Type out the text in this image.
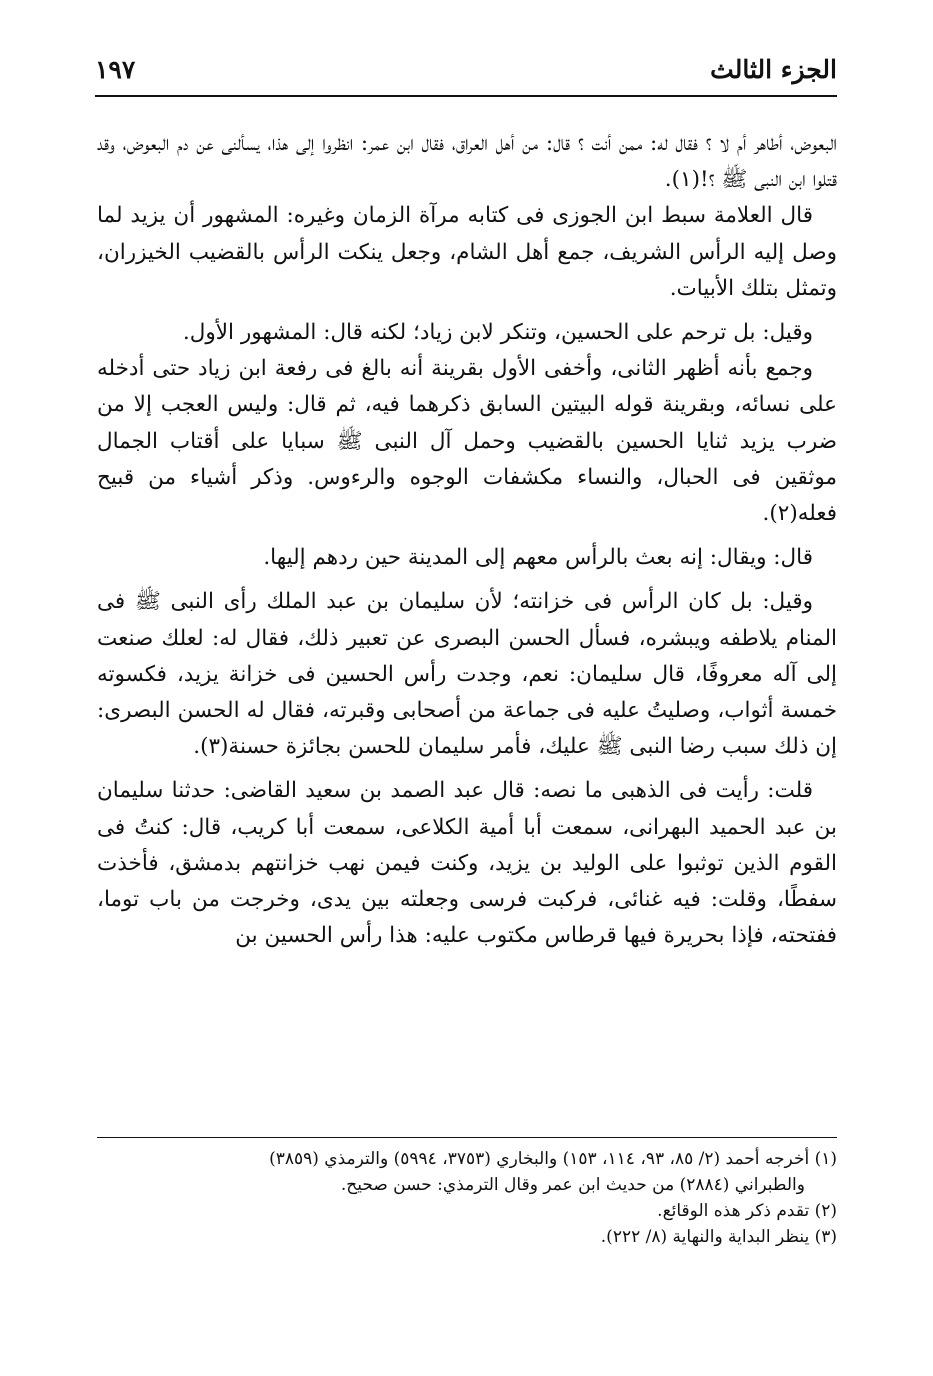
الجزء الثالث
١٩٧

البعوض، أطاهر أم لا ؟ فقال له: ممن أنت ؟ قال: من أهل العراق، فقال ابن عمر: انظروا إلى هذا، يسألنى عن دم البعوض، وقد قتلوا ابن النبى ﷺ ؟!(١).

قال العلامة سبط ابن الجوزى فى كتابه مرآة الزمان وغيره: المشهور أن يزيد لما وصل إليه الرأس الشريف، جمع أهل الشام، وجعل ينكت الرأس بالقضيب الخيزران، وتمثل بتلك الأبيات.

وقيل: بل ترحم على الحسين، وتنكر لابن زياد؛ لكنه قال: المشهور الأول.

وجمع بأنه أظهر الثانى، وأخفى الأول بقرينة أنه بالغ فى رفعة ابن زياد حتى أدخله على نسائه، وبقرينة قوله البيتين السابق ذكرهما فيه، ثم قال: وليس العجب إلا من ضرب يزيد ثنايا الحسين بالقضيب وحمل آل النبى ﷺ سبايا على أقتاب الجمال موثقين فى الحبال، والنساء مكشفات الوجوه والرءوس. وذكر أشياء من قبيح فعله(٢).

قال: ويقال: إنه بعث بالرأس معهم إلى المدينة حين ردهم إليها.

وقيل: بل كان الرأس فى خزانته؛ لأن سليمان بن عبد الملك رأى النبى ﷺ فى المنام يلاطفه ويبشره، فسأل الحسن البصرى عن تعبير ذلك، فقال له: لعلك صنعت إلى آله معروفًا، قال سليمان: نعم، وجدت رأس الحسين فى خزانة يزيد، فكسوته خمسة أثواب، وصليتُ عليه فى جماعة من أصحابى وقبرته، فقال له الحسن البصرى: إن ذلك سبب رضا النبى ﷺ عليك، فأمر سليمان للحسن بجائزة حسنة(٣).

قلت: رأيت فى الذهبى ما نصه: قال عبد الصمد بن سعيد القاضى: حدثنا سليمان بن عبد الحميد البهرانى، سمعت أبا أمية الكلاعى، سمعت أبا كريب، قال: كنتُ فى القوم الذين توثبوا على الوليد بن يزيد، وكنت فيمن نهب خزانتهم بدمشق، فأخذت سفطًا، وقلت: فيه غنائى، فركبت فرسى وجعلته بين يدى، وخرجت من باب توما، ففتحته، فإذا بحريرة فيها قرطاس مكتوب عليه: هذا رأس الحسين بن

(١) أخرجه أحمد (٢/ ٨٥، ٩٣، ١١٤، ١٥٣) والبخاري (٣٧٥٣، ٥٩٩٤) والترمذي (٣٨٥٩)

والطبراني (٢٨٨٤) من حديث ابن عمر وقال الترمذي: حسن صحيح.

(٢) تقدم ذكر هذه الوقائع.

(٣) ينظر البداية والنهاية (٨/ ٢٢٢).
